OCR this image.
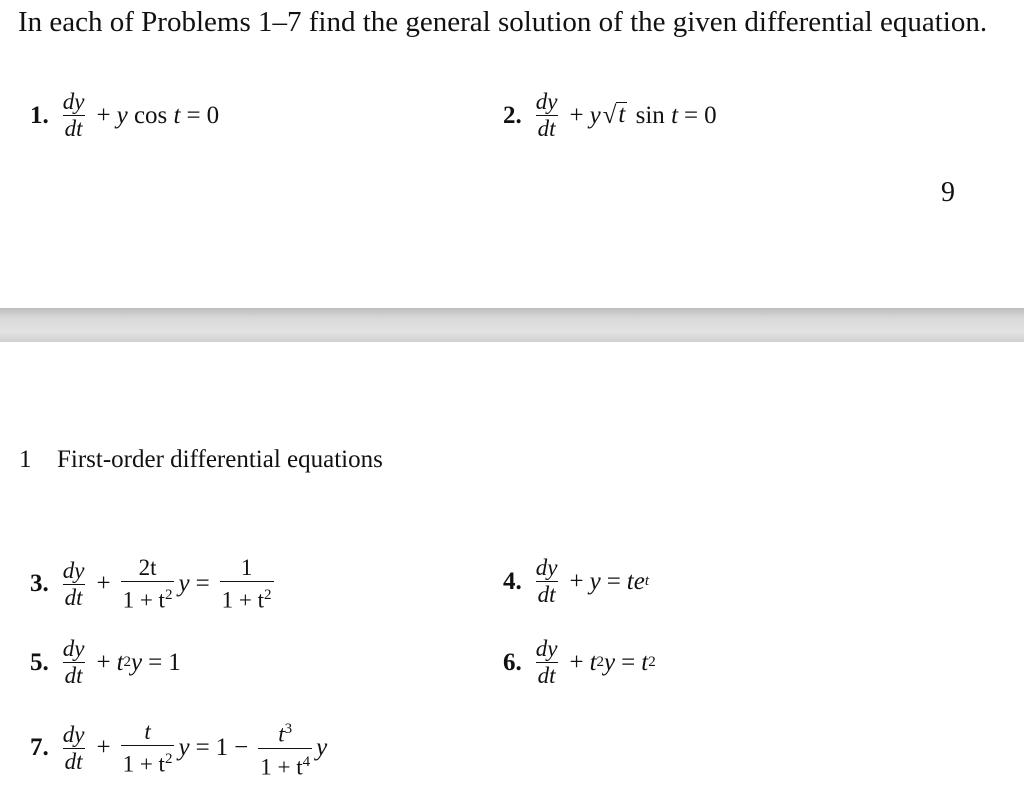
In each of Problems 1–7 find the general solution of the given differential equation.
1. $\frac{dy}{dt} + y$
cos
t = 0	2. $\frac{dy}{dt} + y$ √ t
sin
t = 0
9
1 First-order differential equations
3. $\frac{dy}{dt} + \frac{2t}{1 + t^2}$ $y = \frac{1}{1 + t^2}$	4. $\frac{dy}{dt} + y$ = te t
5. $\frac{dy}{dt} + t$ 2 y = 1	6. $\frac{dy}{dt} + t$ 2 y = t 2
7. $\frac{dy}{dt} + \frac{t}{1 + t^2}$ $y = 1 - \frac{t^3}{1 + t^4}$ y
